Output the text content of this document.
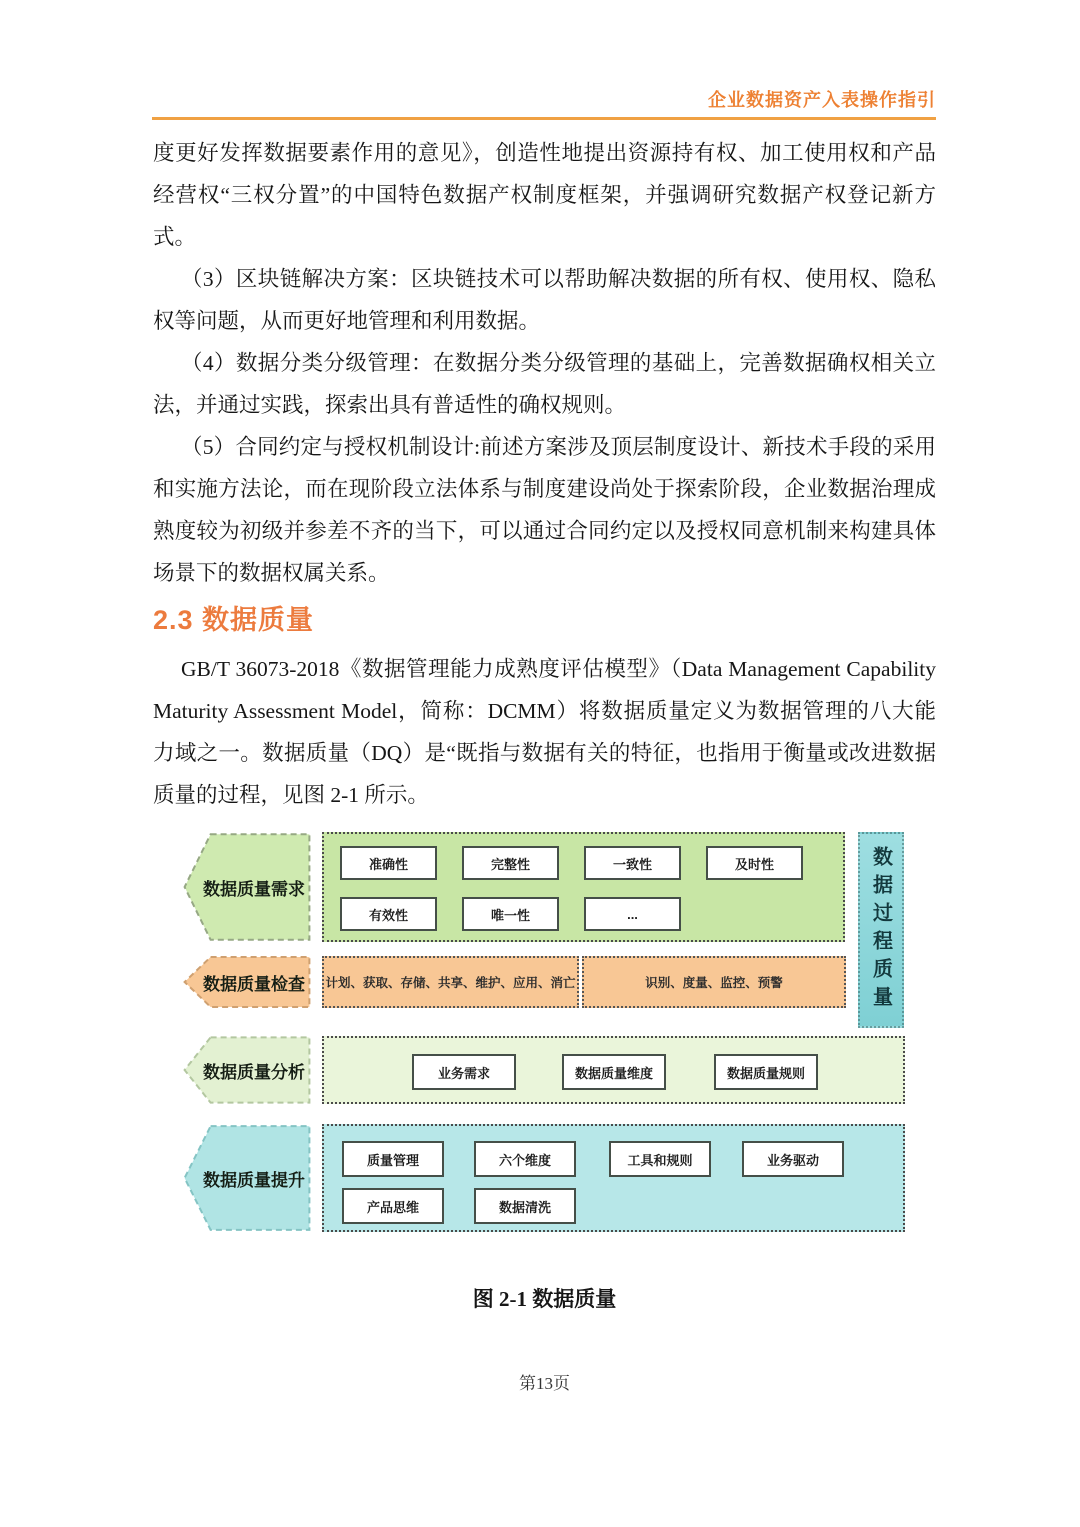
企业数据资产入表操作指引

度更好发挥数据要素作用的意见》，创造性地提出资源持有权、加工使用权和产品经营权“三权分置”的中国特色数据产权制度框架，并强调研究数据产权登记新方式。

（3）区块链解决方案：区块链技术可以帮助解决数据的所有权、使用权、隐私权等问题，从而更好地管理和利用数据。

（4）数据分类分级管理：在数据分类分级管理的基础上，完善数据确权相关立法，并通过实践，探索出具有普适性的确权规则。

（5）合同约定与授权机制设计:前述方案涉及顶层制度设计、新技术手段的采用和实施方法论，而在现阶段立法体系与制度建设尚处于探索阶段，企业数据治理成熟度较为初级并参差不齐的当下，可以通过合同约定以及授权同意机制来构建具体场景下的数据权属关系。

2.3 数据质量

GB/T 36073-2018《数据管理能力成熟度评估模型》（Data Management Capability Maturity Assessment Model，简称：DCMM）将数据质量定义为数据管理的八大能力域之一。数据质量（DQ）是“既指与数据有关的特征，也指用于衡量或改进数据质量的过程，见图 2-1 所示。

数据质量需求
数据质量检查
数据质量分析
数据质量提升
准确性	完整性	一致性	及时性
有效性	唯一性	...
计划、获取、存储、共享、维护、应用、消亡	识别、度量、监控、预警
业务需求	数据质量维度	数据质量规则
质量管理	六个维度	工具和规则	业务驱动
产品思维	数据清洗
数据过程质量
图 2-1 数据质量
第13页
